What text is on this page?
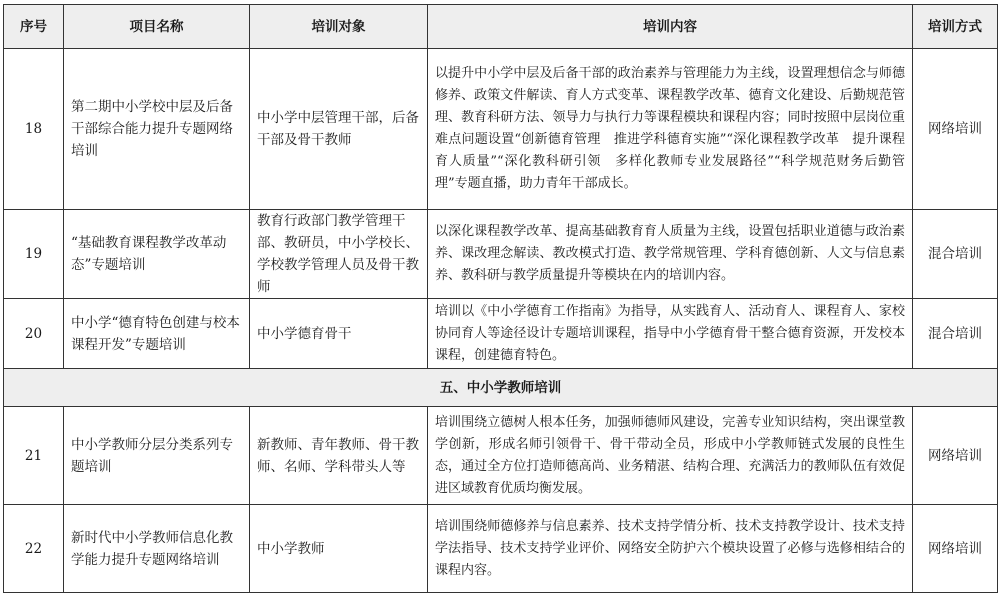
序号	项目名称	培训对象	培训内容	培训方式
18	第二期中小学校中层及后备干部综合能力提升专题网络培训	中小学中层管理干部，后备干部及骨干教师	以提升中小学中层及后备干部的政治素养与管理能力为主线，设置理想信念与师德修养、政策文件解读、育人方式变革、课程教学改革、德育文化建设、后勤规范管理、教育科研方法、领导力与执行力等课程模块和课程内容；同时按照中层岗位重难点问题设置“创新德育管理　推进学科德育实施”“深化课程教学改革　提升课程育人质量”“深化教科研引领　多样化教师专业发展路径”“科学规范财务后勤管理”专题直播，助力青年干部成长。	网络培训
19	“基础教育课程教学改革动态”专题培训	教育行政部门教学管理干部、教研员，中小学校长、学校教学管理人员及骨干教师	以深化课程教学改革、提高基础教育育人质量为主线，设置包括职业道德与政治素养、课改理念解读、教改模式打造、教学常规管理、学科育德创新、人文与信息素养、教科研与教学质量提升等模块在内的培训内容。	混合培训
20	中小学“德育特色创建与校本课程开发”专题培训	中小学德育骨干	培训以《中小学德育工作指南》为指导，从实践育人、活动育人、课程育人、家校协同育人等途径设计专题培训课程，指导中小学德育骨干整合德育资源，开发校本课程，创建德育特色。	混合培训
五、中小学教师培训				
21	中小学教师分层分类系列专题培训	新教师、青年教师、骨干教师、名师、学科带头人等	培训围绕立德树人根本任务，加强师德师风建设，完善专业知识结构，突出课堂教学创新，形成名师引领骨干、骨干带动全员，形成中小学教师链式发展的良性生态，通过全方位打造师德高尚、业务精湛、结构合理、充满活力的教师队伍有效促进区域教育优质均衡发展。	网络培训
22	新时代中小学教师信息化教学能力提升专题网络培训	中小学教师	培训围绕师德修养与信息素养、技术支持学情分析、技术支持教学设计、技术支持学法指导、技术支持学业评价、网络安全防护六个模块设置了必修与选修相结合的课程内容。	网络培训
